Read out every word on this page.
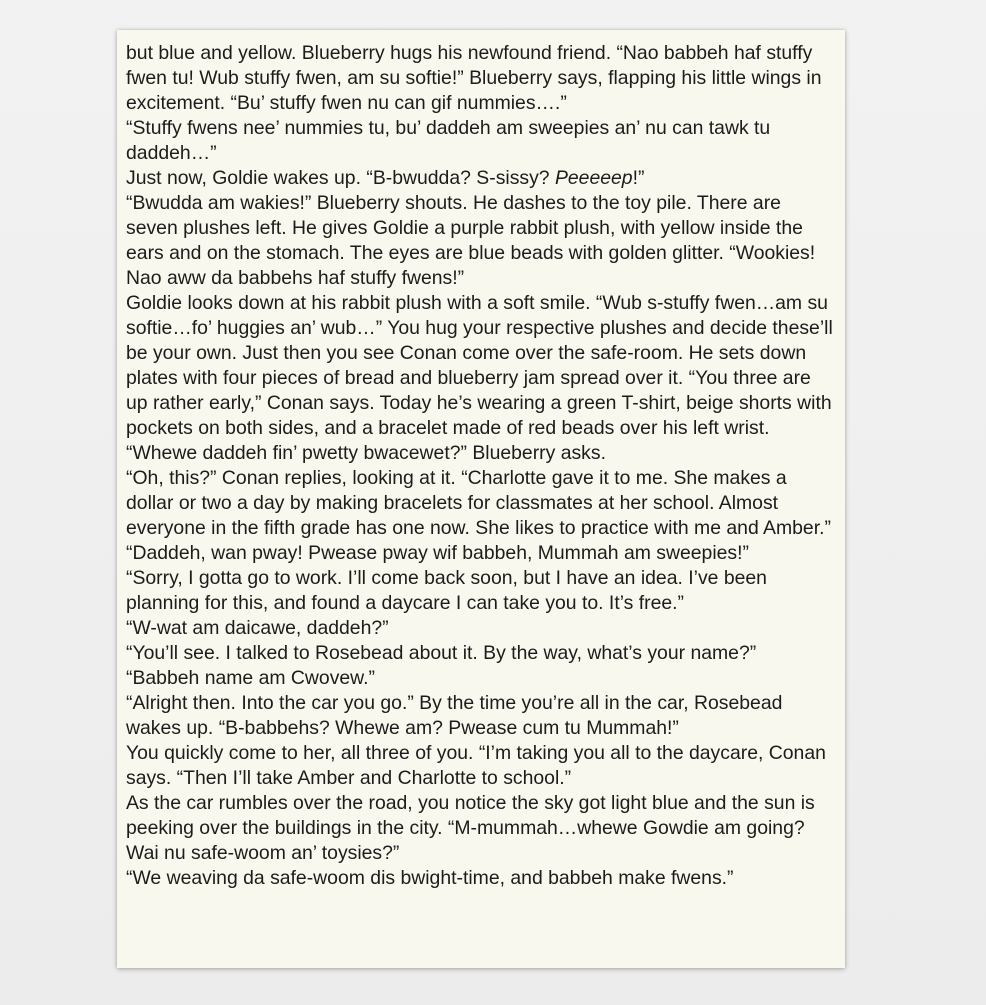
but blue and yellow. Blueberry hugs his newfound friend. “Nao babbeh haf stuffy fwen tu! Wub stuffy fwen, am su softie!” Blueberry says, flapping his little wings in excitement. “Bu’ stuffy fwen nu can gif nummies….”

“Stuffy fwens nee’ nummies tu, bu’ daddeh am sweepies an’ nu can tawk tu daddeh…”

Just now, Goldie wakes up. “B-bwudda? S-sissy? Peeeeep!”

“Bwudda am wakies!” Blueberry shouts. He dashes to the toy pile. There are seven plushes left. He gives Goldie a purple rabbit plush, with yellow inside the ears and on the stomach. The eyes are blue beads with golden glitter. “Wookies! Nao aww da babbehs haf stuffy fwens!”

Goldie looks down at his rabbit plush with a soft smile. “Wub s-stuffy fwen…am su softie…fo’ huggies an’ wub…” You hug your respective plushes and decide these’ll be your own. Just then you see Conan come over the safe-room. He sets down plates with four pieces of bread and blueberry jam spread over it. “You three are up rather early,” Conan says. Today he’s wearing a green T-shirt, beige shorts with pockets on both sides, and a bracelet made of red beads over his left wrist.

“Whewe daddeh fin’ pwetty bwacewet?” Blueberry asks.

“Oh, this?” Conan replies, looking at it. “Charlotte gave it to me. She makes a dollar or two a day by making bracelets for classmates at her school. Almost everyone in the fifth grade has one now. She likes to practice with me and Amber.”

“Daddeh, wan pway! Pwease pway wif babbeh, Mummah am sweepies!”

“Sorry, I gotta go to work. I’ll come back soon, but I have an idea. I’ve been planning for this, and found a daycare I can take you to. It’s free.”

“W-wat am daicawe, daddeh?”

“You’ll see. I talked to Rosebead about it. By the way, what’s your name?”

“Babbeh name am Cwovew.”

“Alright then. Into the car you go.” By the time you’re all in the car, Rosebead wakes up. “B-babbehs? Whewe am? Pwease cum tu Mummah!”

You quickly come to her, all three of you. “I’m taking you all to the daycare, Conan says. “Then I’ll take Amber and Charlotte to school.”

As the car rumbles over the road, you notice the sky got light blue and the sun is peeking over the buildings in the city. “M-mummah…whewe Gowdie am going? Wai nu safe-woom an’ toysies?”

“We weaving da safe-woom dis bwight-time, and babbeh make fwens.”
